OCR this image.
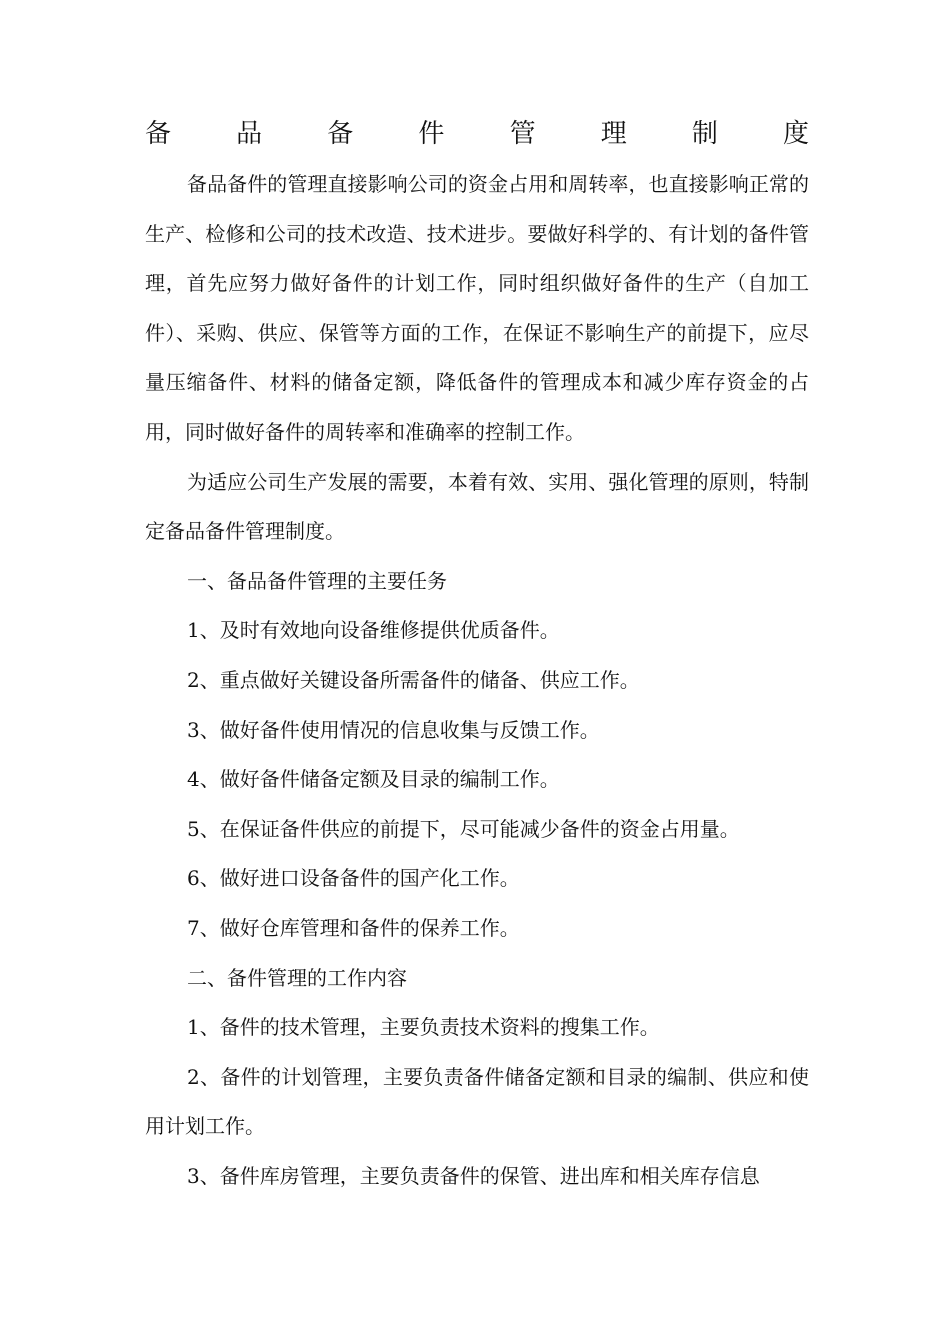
备	品	备	件	管	理	制	度

备品备件的管理直接影响公司的资金占用和周转率，也直接影响正常的生产、检修和公司的技术改造、技术进步。要做好科学的、有计划的备件管理，首先应努力做好备件的计划工作，同时组织做好备件的生产（自加工件）、采购、供应、保管等方面的工作，在保证不影响生产的前提下，应尽量压缩备件、材料的储备定额，降低备件的管理成本和减少库存资金的占用，同时做好备件的周转率和准确率的控制工作。

为适应公司生产发展的需要，本着有效、实用、强化管理的原则，特制定备品备件管理制度。

一、备品备件管理的主要任务

1、及时有效地向设备维修提供优质备件。

2、重点做好关键设备所需备件的储备、供应工作。

3、做好备件使用情况的信息收集与反馈工作。

4、做好备件储备定额及目录的编制工作。

5、在保证备件供应的前提下，尽可能减少备件的资金占用量。

6、做好进口设备备件的国产化工作。

7、做好仓库管理和备件的保养工作。

二、备件管理的工作内容

1、备件的技术管理，主要负责技术资料的搜集工作。

2、备件的计划管理，主要负责备件储备定额和目录的编制、供应和使用计划工作。

3、备件库房管理，主要负责备件的保管、进出库和相关库存信息
